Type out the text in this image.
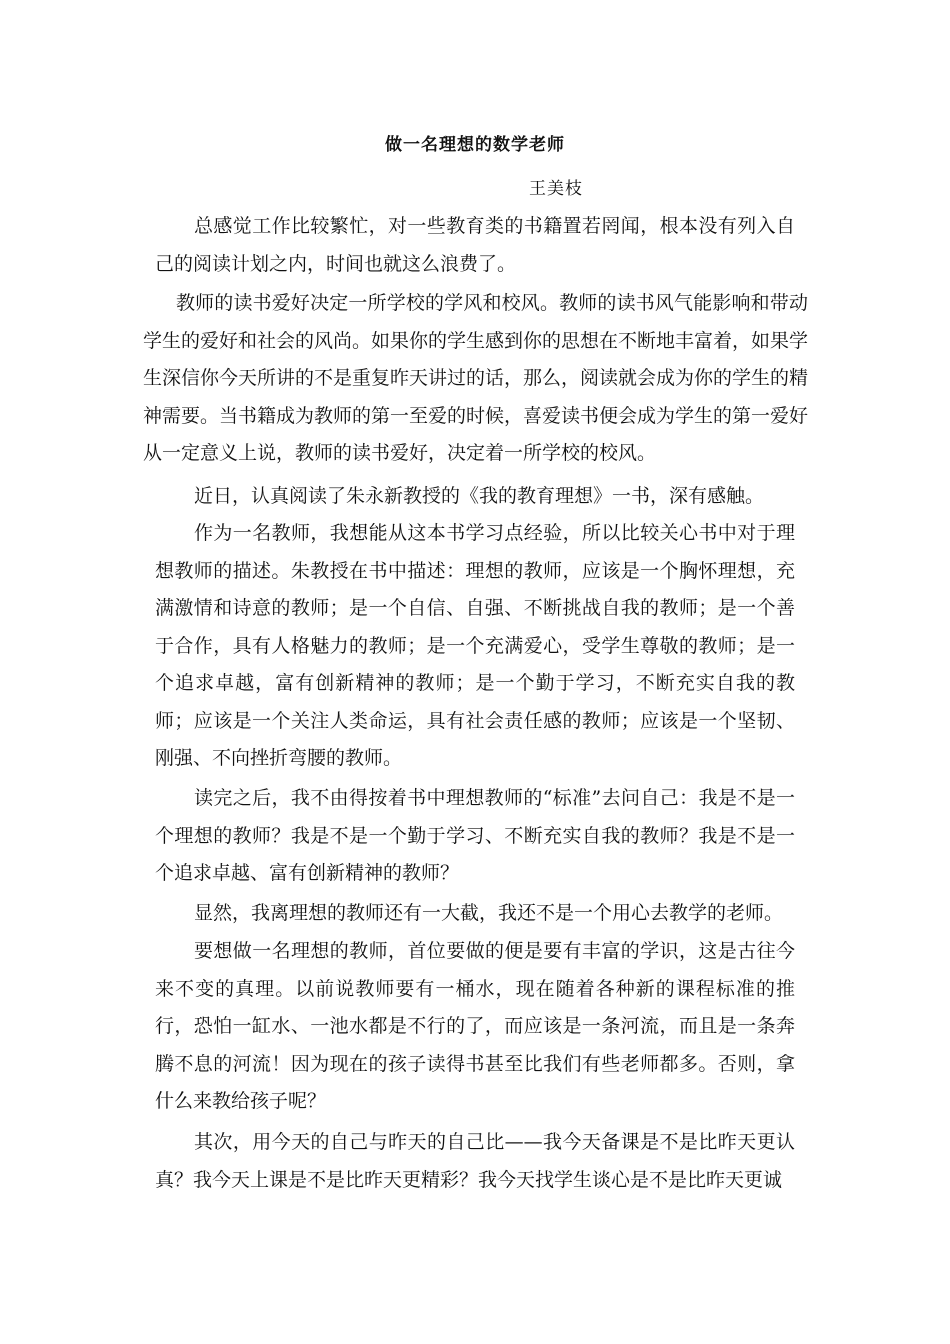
做一名理想的数学老师
王美枝

总感觉工作比较繁忙，对一些教育类的书籍置若罔闻，根本没有列入自己的阅读计划之内，时间也就这么浪费了。

教师的读书爱好决定一所学校的学风和校风。教师的读书风气能影响和带动学生的爱好和社会的风尚。如果你的学生感到你的思想在不断地丰富着，如果学生深信你今天所讲的不是重复昨天讲过的话，那么，阅读就会成为你的学生的精神需要。当书籍成为教师的第一至爱的时候，喜爱读书便会成为学生的第一爱好从一定意义上说，教师的读书爱好，决定着一所学校的校风。

近日，认真阅读了朱永新教授的《我的教育理想》一书，深有感触。

作为一名教师，我想能从这本书学习点经验，所以比较关心书中对于理想教师的描述。朱教授在书中描述：理想的教师，应该是一个胸怀理想，充满激情和诗意的教师；是一个自信、自强、不断挑战自我的教师；是一个善于合作，具有人格魅力的教师；是一个充满爱心，受学生尊敬的教师；是一个追求卓越，富有创新精神的教师；是一个勤于学习，不断充实自我的教师；应该是一个关注人类命运，具有社会责任感的教师；应该是一个坚韧、刚强、不向挫折弯腰的教师。

读完之后，我不由得按着书中理想教师的“标准”去问自己：我是不是一个理想的教师？我是不是一个勤于学习、不断充实自我的教师？我是不是一个追求卓越、富有创新精神的教师？

显然，我离理想的教师还有一大截，我还不是一个用心去教学的老师。

要想做一名理想的教师，首位要做的便是要有丰富的学识，这是古往今来不变的真理。以前说教师要有一桶水，现在随着各种新的课程标准的推行，恐怕一缸水、一池水都是不行的了，而应该是一条河流，而且是一条奔腾不息的河流！因为现在的孩子读得书甚至比我们有些老师都多。否则，拿什么来教给孩子呢？

其次，用今天的自己与昨天的自己比——我今天备课是不是比昨天更认真？我今天上课是不是比昨天更精彩？我今天找学生谈心是不是比昨天更诚
